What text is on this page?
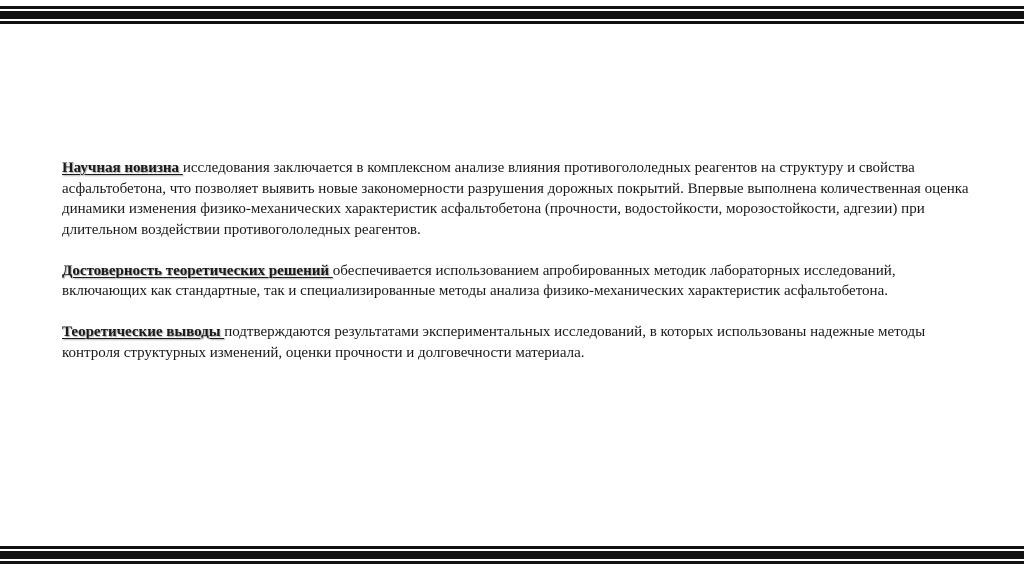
Научная новизна исследования заключается в комплексном анализе влияния противогололедных реагентов на структуру и свойства асфальтобетона, что позволяет выявить новые закономерности разрушения дорожных покрытий. Впервые выполнена количественная оценка динамики изменения физико-механических характеристик асфальтобетона (прочности, водостойкости, морозостойкости, адгезии) при длительном воздействии противогололедных реагентов.

Достоверность теоретических решений обеспечивается использованием апробированных методик лабораторных исследований, включающих как стандартные, так и специализированные методы анализа физико-механических характеристик асфальтобетона.

Теоретические выводы подтверждаются результатами экспериментальных исследований, в которых использованы надежные методы контроля структурных изменений, оценки прочности и долговечности материала.
